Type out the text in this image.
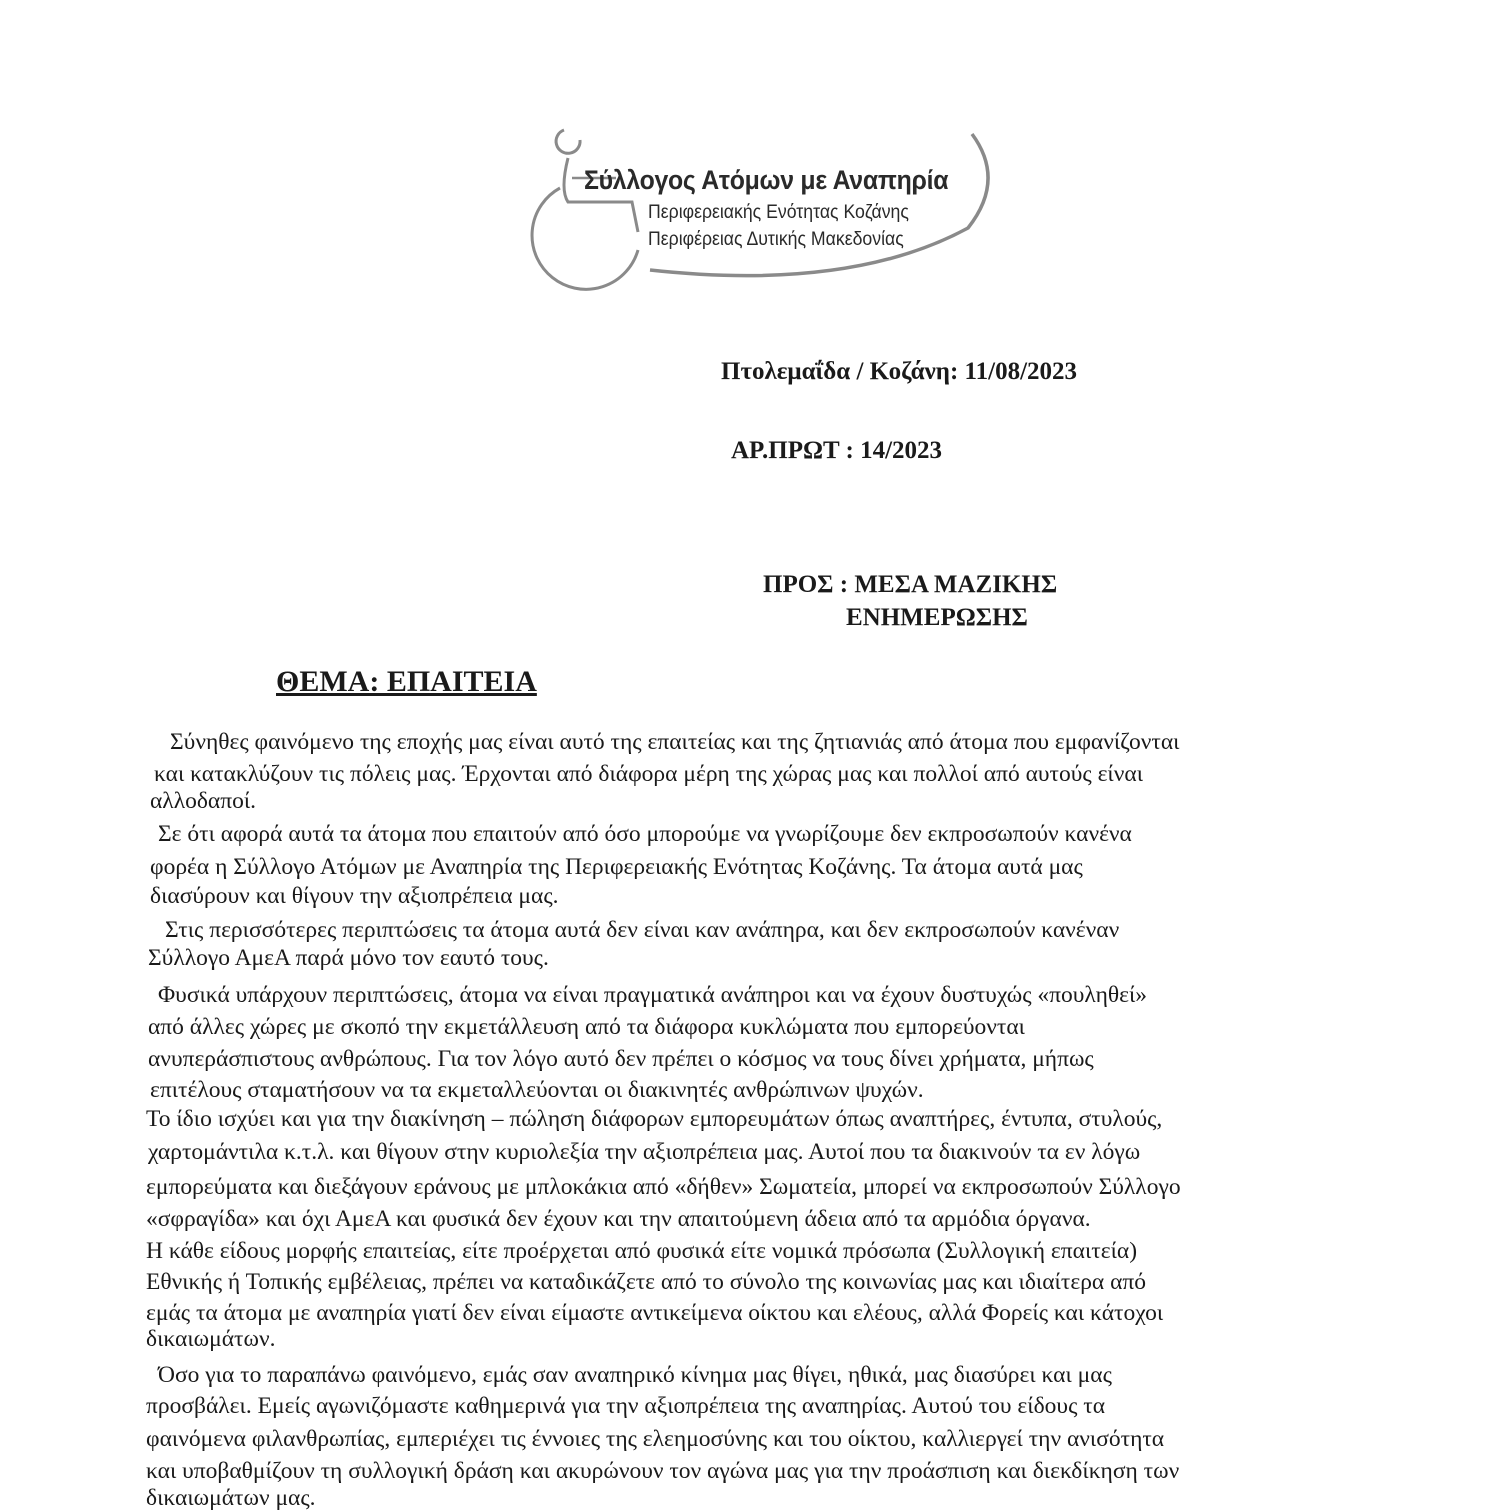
Σύλλογος Ατόμων με Αναπηρία
Περιφερειακής Ενότητας Κοζάνης
Περιφέρειας Δυτικής Μακεδονίας
Πτολεμαΐδα / Κοζάνη: 11/08/2023
ΑΡ.ΠΡΩΤ : 14/2023
ΠΡΟΣ : ΜΕΣΑ ΜΑΖΙΚΗΣ
ΕΝΗΜΕΡΩΣΗΣ
ΘΕΜΑ: ΕΠΑΙΤΕΙΑ
Σύνηθες φαινόμενο της εποχής μας είναι αυτό της επαιτείας και της ζητιανιάς από άτομα που εμφανίζονται
και κατακλύζουν τις πόλεις μας. Έρχονται από διάφορα μέρη της χώρας μας και πολλοί από αυτούς είναι
αλλοδαποί.
Σε ότι αφορά αυτά τα άτομα που επαιτούν από όσο μπορούμε να γνωρίζουμε δεν εκπροσωπούν κανένα
φορέα η Σύλλογο Ατόμων με Αναπηρία της Περιφερειακής Ενότητας Κοζάνης. Τα άτομα αυτά μας
διασύρουν και θίγουν την αξιοπρέπεια μας.
Στις περισσότερες περιπτώσεις τα άτομα αυτά δεν είναι καν ανάπηρα, και δεν εκπροσωπούν κανέναν
Σύλλογο ΑμεΑ παρά μόνο τον εαυτό τους.
Φυσικά υπάρχουν περιπτώσεις, άτομα να είναι πραγματικά ανάπηροι και να έχουν δυστυχώς «πουληθεί»
από άλλες χώρες με σκοπό την εκμετάλλευση από τα διάφορα κυκλώματα που εμπορεύονται
ανυπεράσπιστους ανθρώπους. Για τον λόγο αυτό δεν πρέπει ο κόσμος να τους δίνει χρήματα, μήπως
επιτέλους σταματήσουν να τα εκμεταλλεύονται οι διακινητές ανθρώπινων ψυχών.
Το ίδιο ισχύει και για την διακίνηση – πώληση διάφορων εμπορευμάτων όπως αναπτήρες, έντυπα, στυλούς,
χαρτομάντιλα κ.τ.λ. και θίγουν στην κυριολεξία την αξιοπρέπεια μας. Αυτοί που τα διακινούν τα εν λόγω
εμπορεύματα και διεξάγουν εράνους με μπλοκάκια από «δήθεν» Σωματεία, μπορεί να εκπροσωπούν Σύλλογο
«σφραγίδα» και όχι ΑμεΑ και φυσικά δεν έχουν και την απαιτούμενη άδεια από τα αρμόδια όργανα.
Η κάθε είδους μορφής επαιτείας, είτε προέρχεται από φυσικά είτε νομικά πρόσωπα (Συλλογική επαιτεία)
Εθνικής ή Τοπικής εμβέλειας, πρέπει να καταδικάζετε από το σύνολο της κοινωνίας μας και ιδιαίτερα από
εμάς τα άτομα με αναπηρία γιατί δεν είναι είμαστε αντικείμενα οίκτου και ελέους, αλλά Φορείς και κάτοχοι
δικαιωμάτων.
Όσο για το παραπάνω φαινόμενο, εμάς σαν αναπηρικό κίνημα μας θίγει, ηθικά, μας διασύρει και μας
προσβάλει. Εμείς αγωνιζόμαστε καθημερινά για την αξιοπρέπεια της αναπηρίας. Αυτού του είδους τα
φαινόμενα φιλανθρωπίας, εμπεριέχει τις έννοιες της ελεημοσύνης και του οίκτου, καλλιεργεί την ανισότητα
και υποβαθμίζουν τη συλλογική δράση και ακυρώνουν τον αγώνα μας για την προάσπιση και διεκδίκηση των
δικαιωμάτων μας.
